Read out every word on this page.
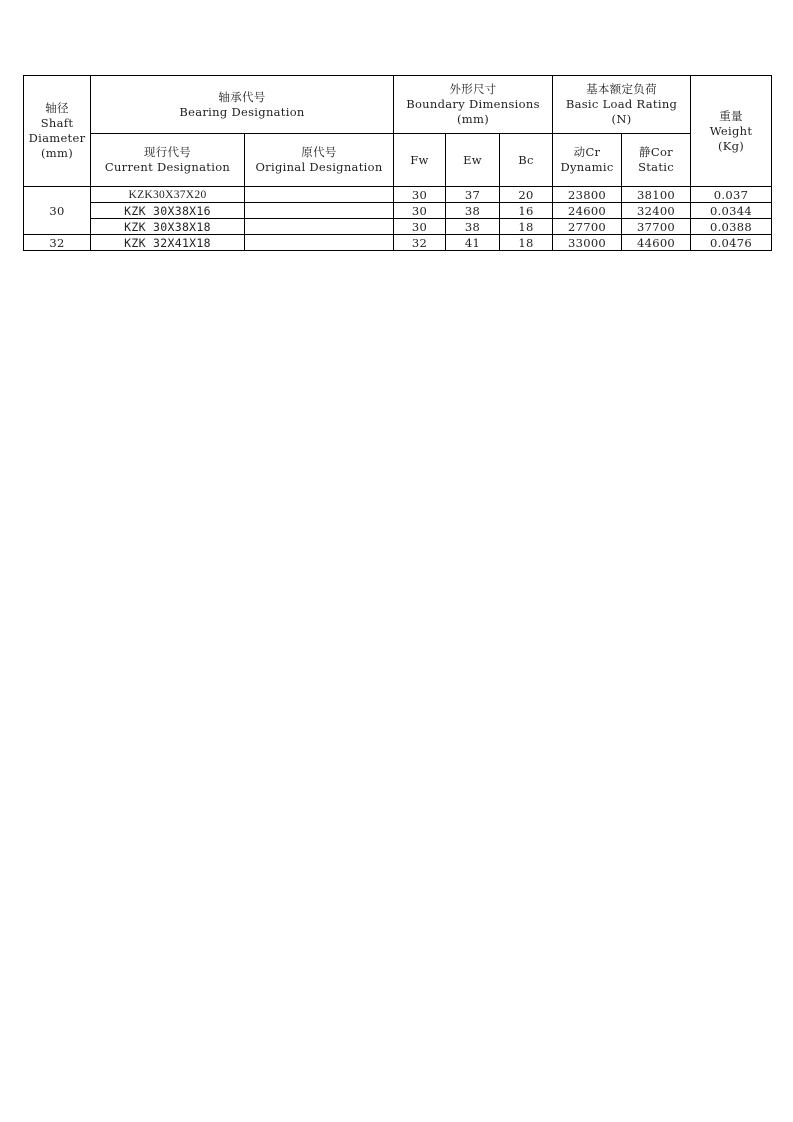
轴径
Shaft
Diameter
(mm)	轴承代号
Bearing Designation		外形尺寸
Boundary Dimensions
(mm)			基本额定负荷
Basic Load Rating
(N)		重量
Weight
(Kg)

	现行代号
Current Designation	原代号
Original Designation	Fw	Ew	Bc	动Cr
Dynamic	静Cor
Static	

30	KZK30X37X20		30	37	20	23800	38100	0.037
	KZK 30X38X16		30	38	16	24600	32400	0.0344
	KZK 30X38X18		30	38	18	27700	37700	0.0388
32	KZK 32X41X18		32	41	18	33000	44600	0.0476
